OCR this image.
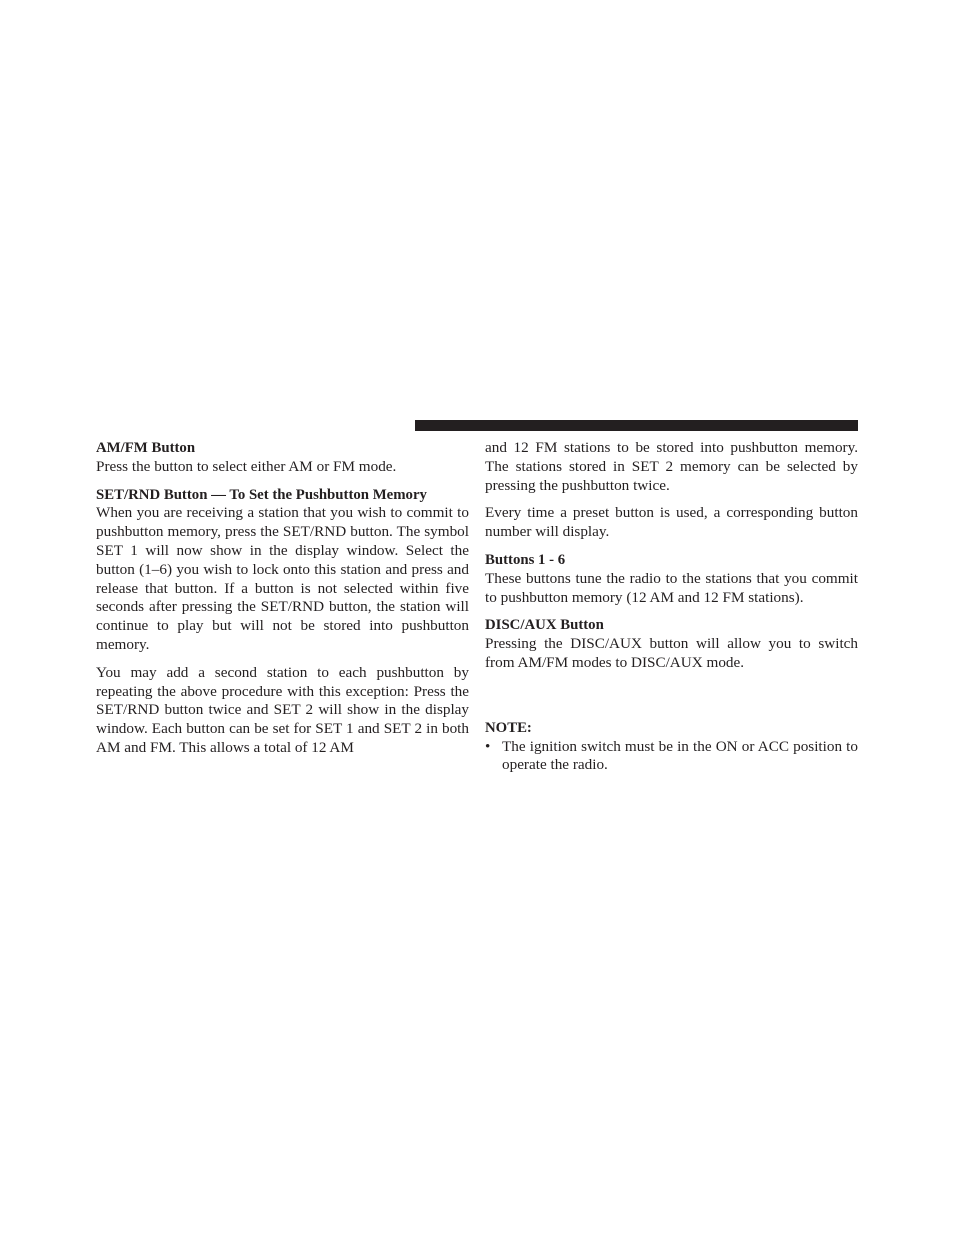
AM/FM Button

Press the button to select either AM or FM mode.

SET/RND Button — To Set the Pushbutton Memory

When you are receiving a station that you wish to commit to pushbutton memory, press the SET/RND button. The symbol SET 1 will now show in the display window. Select the button (1–6) you wish to lock onto this station and press and release that button. If a button is not selected within five seconds after pressing the SET/RND button, the station will continue to play but will not be stored into pushbutton memory.

You may add a second station to each pushbutton by repeating the above procedure with this exception: Press the SET/RND button twice and SET 2 will show in the display window. Each button can be set for SET 1 and SET 2 in both AM and FM. This allows a total of 12 AM

and 12 FM stations to be stored into pushbutton memory. The stations stored in SET 2 memory can be selected by pressing the pushbutton twice.

Every time a preset button is used, a corresponding button number will display.

Buttons 1 - 6

These buttons tune the radio to the stations that you commit to pushbutton memory (12 AM and 12 FM stations).

DISC/AUX Button

Pressing the DISC/AUX button will allow you to switch from AM/FM modes to DISC/AUX mode.

NOTE:

• The ignition switch must be in the ON or ACC position to operate the radio.
